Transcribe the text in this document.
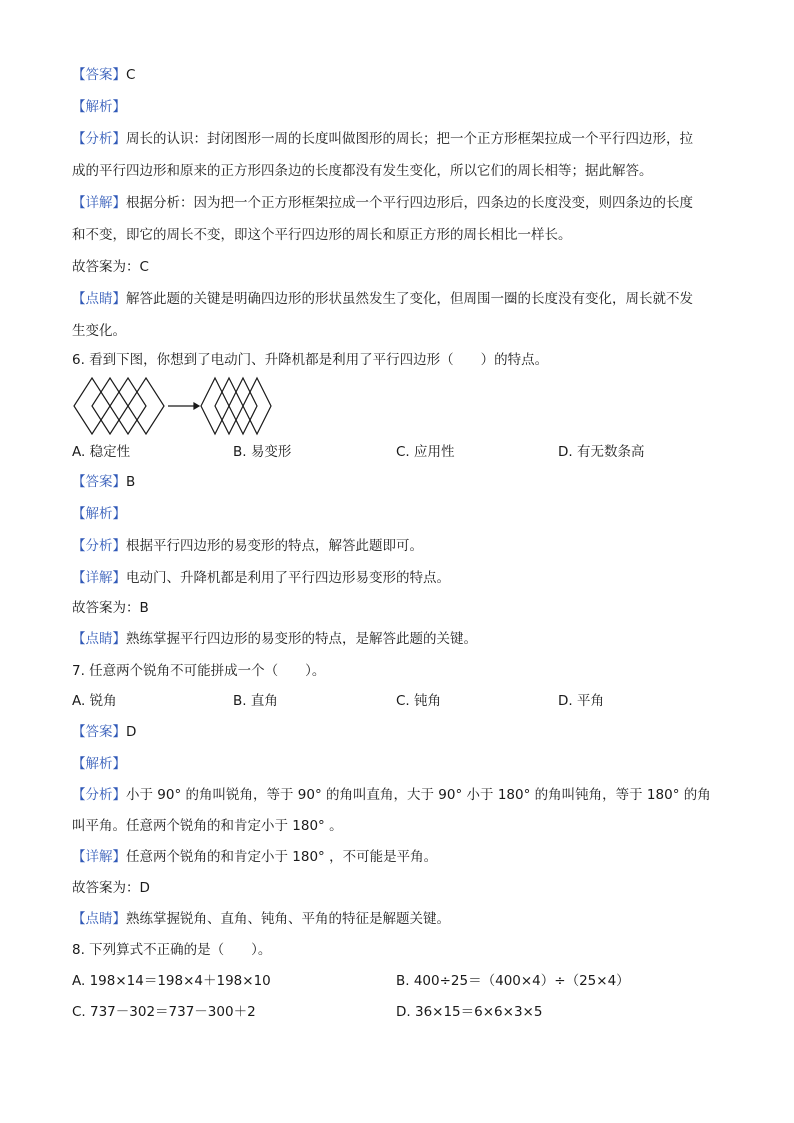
【答案】C
【解析】
【分析】周长的认识：封闭图形一周的长度叫做图形的周长；把一个正方形框架拉成一个平行四边形，拉
成的平行四边形和原来的正方形四条边的长度都没有发生变化，所以它们的周长相等；据此解答。
【详解】根据分析：因为把一个正方形框架拉成一个平行四边形后，四条边的长度没变，则四条边的长度
和不变，即它的周长不变，即这个平行四边形的周长和原正方形的周长相比一样长。
故答案为：C
【点睛】解答此题的关键是明确四边形的形状虽然发生了变化，但周围一圈的长度没有变化，周长就不发
生变化。
6. 看到下图，你想到了电动门、升降机都是利用了平行四边形（　　）的特点。
A. 稳定性	B. 易变形	C. 应用性	D. 有无数条高
【答案】B
【解析】
【分析】根据平行四边形的易变形的特点，解答此题即可。
【详解】电动门、升降机都是利用了平行四边形易变形的特点。
故答案为：B
【点睛】熟练掌握平行四边形的易变形的特点，是解答此题的关键。
7. 任意两个锐角不可能拼成一个（　　）。
A. 锐角	B. 直角	C. 钝角	D. 平角
【答案】D
【解析】
【分析】小于 90° 的角叫锐角，等于 90° 的角叫直角，大于 90° 小于 180° 的角叫钝角，等于 180° 的角
叫平角。任意两个锐角的和肯定小于 180° 。
【详解】任意两个锐角的和肯定小于 180° ，不可能是平角。
故答案为：D
【点睛】熟练掌握锐角、直角、钝角、平角的特征是解题关键。
8. 下列算式不正确的是（　　）。
A. 198×14＝198×4＋198×10	B. 400÷25＝（400×4）÷（25×4）
C. 737－302＝737－300＋2	D. 36×15＝6×6×3×5
